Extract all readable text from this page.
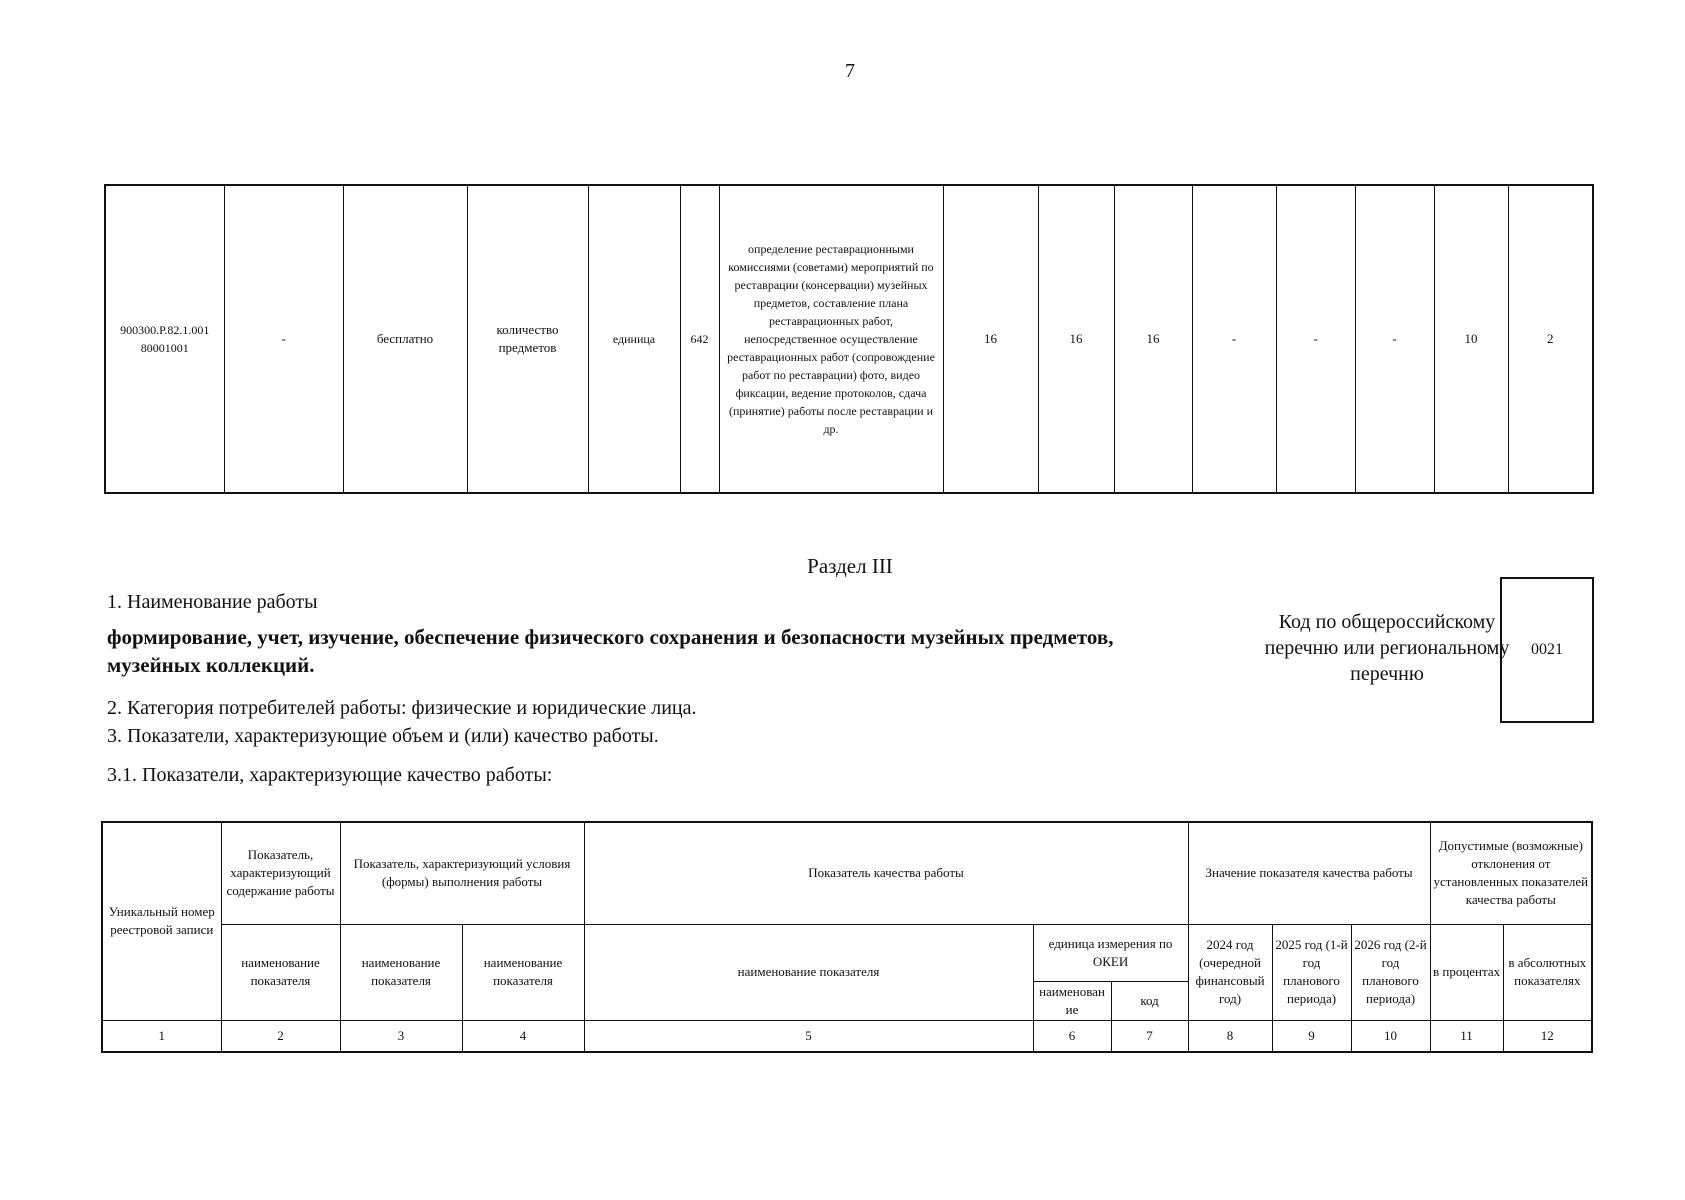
7
900300.Р.82.1.001 80001001	-	бесплатно	количество предметов	единица	642	определение реставрационными комиссиями (советами) мероприятий по реставрации (консервации) музейных предметов, составление плана реставрационных работ, непосредственное осуществление реставрационных работ (сопровождение работ по реставрации) фото, видео фиксации, ведение протоколов, сдача (принятие) работы после реставрации и др.	16	16	16	-	-	-	10	2
Раздел III
1. Наименование работы
формирование, учет, изучение, обеспечение физического сохранения и безопасности музейных предметов, музейных коллекций.
Код по общероссийскому перечню или региональному перечню
0021
2. Категория потребителей работы: физические и юридические лица.
3. Показатели, характеризующие объем и (или) качество работы.
3.1. Показатели, характеризующие качество работы:
Уникальный номер реестровой записи	Показатель, характеризующий содержание работы	Показатель, характеризующий условия (формы) выполнения работы		Показатель качества работы			Значение показателя качества работы			Допустимые (возможные) отклонения от установленных показателей качества работы	
	наименование показателя	наименование показателя	наименование показателя	наименование показателя	единица измерения по ОКЕИ		2024 год (очередной финансовый год)	2025 год (1-й год планового периода)	2026 год (2-й год планового периода)	в процентах	в абсолютных показателях
					наименован ие	код					
1	2	3	4	5	6	7	8	9	10	11	12
